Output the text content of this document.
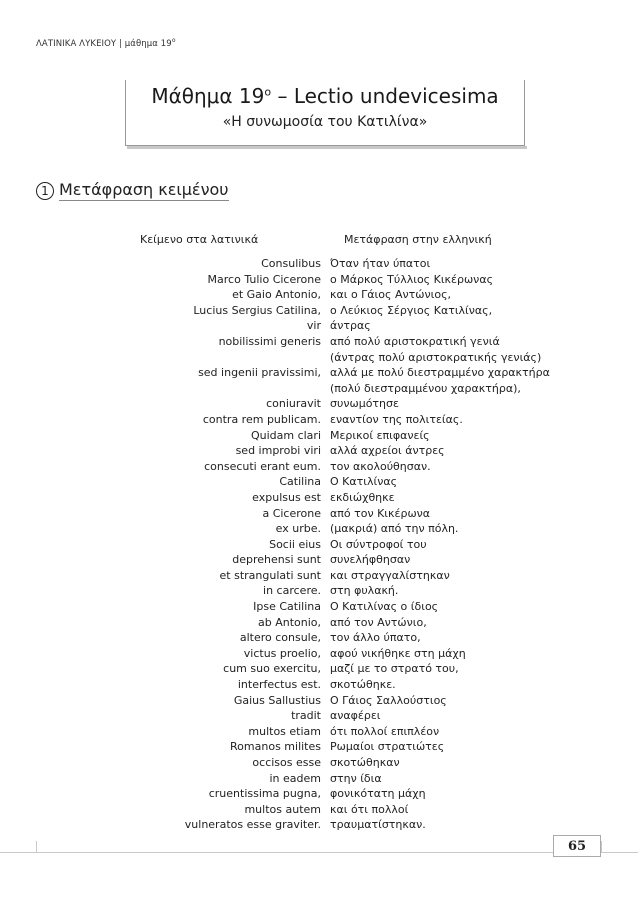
ΛΑΤΙΝΙΚΑ ΛΥΚΕΙΟΥ | μάθημα $19^o$
Μάθημα $19^o$ – Lectio undevicesima
«Η συνωμοσία του Κατιλίνα»
1 Μετάφραση κειμένου
Κείμενο στα λατινικά	Μετάφραση στην ελληνική
Consulibus Όταν ήταν ύπατοι
Marco Tulio Cicerone ο Μάρκος Τύλλιος Κικέρωνας
et Gaio Antonio, και ο Γάιος Αντώνιος,
Lucius Sergius Catilina, ο Λεύκιος Σέργιος Κατιλίνας,
vir άντρας
nobilissimi generis από πολύ αριστοκρατική γενιά
(άντρας πολύ αριστοκρατικής γενιάς)
sed ingenii pravissimi, αλλά με πολύ διεστραμμένο χαρακτήρα
(πολύ διεστραμμένου χαρακτήρα),
coniuravit συνωμότησε
contra rem publicam. εναντίον της πολιτείας.
Quidam clari Μερικοί επιφανείς
sed improbi viri αλλά αχρείοι άντρες
consecuti erant eum. τον ακολούθησαν.
Catilina Ο Κατιλίνας
expulsus est εκδιώχθηκε
a Cicerone από τον Κικέρωνα
ex urbe. (μακριά) από την πόλη.
Socii eius Οι σύντροφοί του
deprehensi sunt συνελήφθησαν
et strangulati sunt και στραγγαλίστηκαν
in carcere. στη φυλακή.
Ipse Catilina Ο Κατιλίνας ο ίδιος
ab Antonio, από τον Αντώνιο,
altero consule, τον άλλο ύπατο,
victus proelio, αφού νικήθηκε στη μάχη
cum suo exercitu, μαζί με το στρατό του,
interfectus est. σκοτώθηκε.
Gaius Sallustius Ο Γάιος Σαλλούστιος
tradit αναφέρει
multos etiam ότι πολλοί επιπλέον
Romanos milites Ρωμαίοι στρατιώτες
occisos esse σκοτώθηκαν
in eadem στην ίδια
cruentissima pugna, φονικότατη μάχη
multos autem και ότι πολλοί
vulneratos esse graviter. τραυματίστηκαν.
65
